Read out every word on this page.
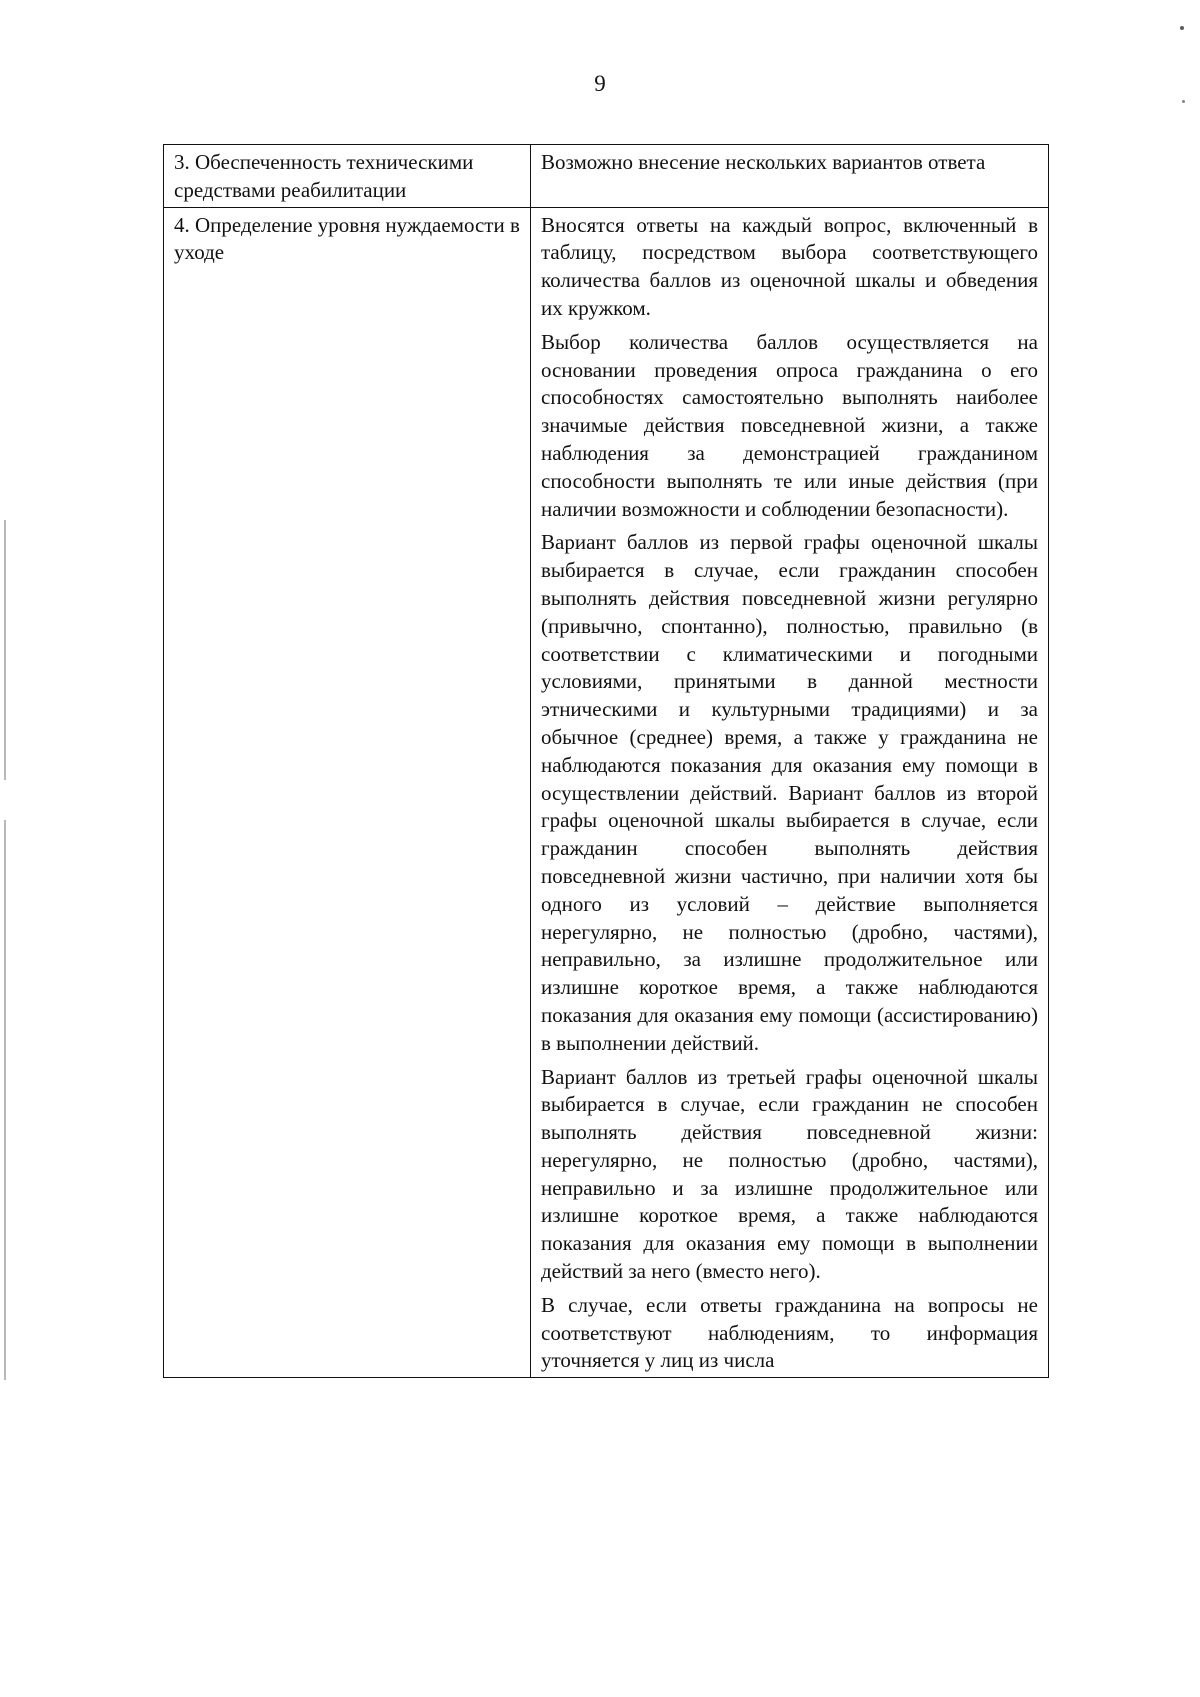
9
3. Обеспеченность техническими средствами реабилитации	Возможно внесение нескольких вариантов ответа

4. Определение уровня нуждаемости в уходе	Вносятся ответы на каждый вопрос, включенный в таблицу, посредством выбора соответствующего количества баллов из оценочной шкалы и обведения их кружком.

Выбор количества баллов осуществляется на основании проведения опроса гражданина о его способностях самостоятельно выполнять наиболее значимые действия повседневной жизни, а также наблюдения за демонстрацией гражданином способности выполнять те или иные действия (при наличии возможности и соблюдении безопасности).

Вариант баллов из первой графы оценочной шкалы выбирается в случае, если гражданин способен выполнять действия повседневной жизни регулярно (привычно, спонтанно), полностью, правильно (в соответствии с климатическими и погодными условиями, принятыми в данной местности этническими и культурными традициями) и за обычное (среднее) время, а также у гражданина не наблюдаются показания для оказания ему помощи в осуществлении действий. Вариант баллов из второй графы оценочной шкалы выбирается в случае, если гражданин способен выполнять действия повседневной жизни частично, при наличии хотя бы одного из условий – действие выполняется нерегулярно, не полностью (дробно, частями), неправильно, за излишне продолжительное или излишне короткое время, а также наблюдаются показания для оказания ему помощи (ассистированию) в выполнении действий.

Вариант баллов из третьей графы оценочной шкалы выбирается в случае, если гражданин не способен выполнять действия повседневной жизни: нерегулярно, не полностью (дробно, частями), неправильно и за излишне продолжительное или излишне короткое время, а также наблюдаются показания для оказания ему помощи в выполнении действий за него (вместо него).

В случае, если ответы гражданина на вопросы не соответствуют наблюдениям, то информация уточняется у лиц из числа
